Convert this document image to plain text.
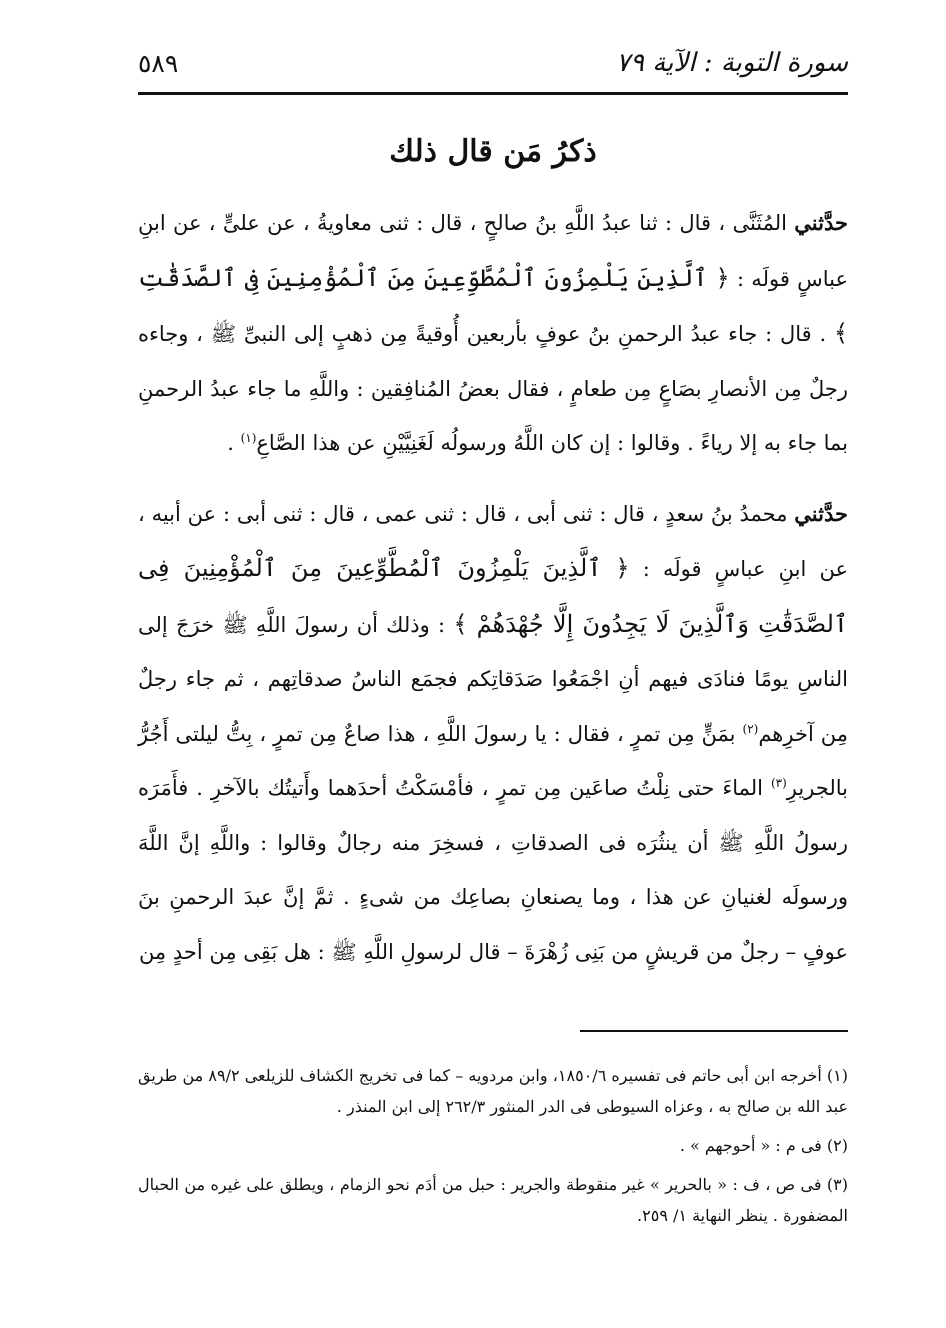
سورة التوبة : الآية ٧٩
٥٨٩
ذكرُ مَن قال ذلك

حدَّثني المُثَنَّى ، قال : ثنا عبدُ اللَّهِ بنُ صالحٍ ، قال : ثنى معاويةُ ، عن علىٍّ ، عن ابنِ عباسٍ قولَه : ﴿ ٱلَّذِينَ يَلْمِزُونَ ٱلْمُطَّوِّعِينَ مِنَ ٱلْمُؤْمِنِينَ فِى ٱلصَّدَقَٰتِ ﴾ . قال : جاء عبدُ الرحمنِ بنُ عوفٍ بأربعين أُوقيةً مِن ذهبٍ إلى النبىِّ ﷺ ، وجاءه رجلٌ مِن الأنصارِ بصَاعٍ مِن طعامٍ ، فقال بعضُ المُنافِقين : واللَّهِ ما جاء عبدُ الرحمنِ بما جاء به إلا رياءً . وقالوا : إن كان اللَّهُ ورسولُه لَغَنِيَّيْنِ عن هذا الصَّاعِ$^{(١)}$ .

حدَّثني محمدُ بنُ سعدٍ ، قال : ثنى أبى ، قال : ثنى عمى ، قال : ثنى أبى : عن أبيه ، عن ابنِ عباسٍ قولَه : ﴿ ٱلَّذِينَ يَلْمِزُونَ ٱلْمُطَّوِّعِينَ مِنَ ٱلْمُؤْمِنِينَ فِى ٱلصَّدَقَٰتِ وَٱلَّذِينَ لَا يَجِدُونَ إِلَّا جُهْدَهُمْ ﴾ : وذلك أن رسولَ اللَّهِ ﷺ خرَجَ إلى الناسِ يومًا فنادَى فيهم أنِ اجْمَعُوا صَدَقاتِكم فجمَع الناسُ صدقاتِهم ، ثم جاء رجلٌ مِن آخرِهم$^{(٢)}$ بمَنٍّ مِن تمرٍ ، فقال : يا رسولَ اللَّهِ ، هذا صاعٌ مِن تمرٍ ، بِتُّ ليلتى أَجُرُّ بالجريرِ$^{(٣)}$ الماءَ حتى نِلْتُ صاعَين مِن تمرٍ ، فأمْسَكْتُ أحدَهما وأَتيتُك بالآخرِ . فأَمَرَه رسولُ اللَّهِ ﷺ أن ينثُرَه فى الصدقاتِ ، فسخِرَ منه رجالٌ وقالوا : واللَّهِ إنَّ اللَّهَ ورسولَه لغنيانِ عن هذا ، وما يصنعانِ بصاعِك من شىءٍ . ثمَّ إنَّ عبدَ الرحمنِ بنَ عوفٍ – رجلٌ من قريشٍ من بَنِى زُهْرَةَ – قال لرسولِ اللَّهِ ﷺ : هل بَقِى مِن أحدٍ مِن

(١) أخرجه ابن أبى حاتم فى تفسيره ١٨٥٠/٦، وابن مردويه – كما فى تخريج الكشاف للزيلعى ٨٩/٢ من طريق عبد الله بن صالح به ، وعزاه السيوطى فى الدر المنثور ٢٦٢/٣ إلى ابن المنذر .

(٢) فى م : « أحوجهم » .

(٣) فى ص ، ف : « بالحرير » غير منقوطة والجرير : حبل من أدَم نحو الزمام ، ويطلق على غيره من الحبال المضفورة . ينظر النهاية ١/ ٢٥٩.
